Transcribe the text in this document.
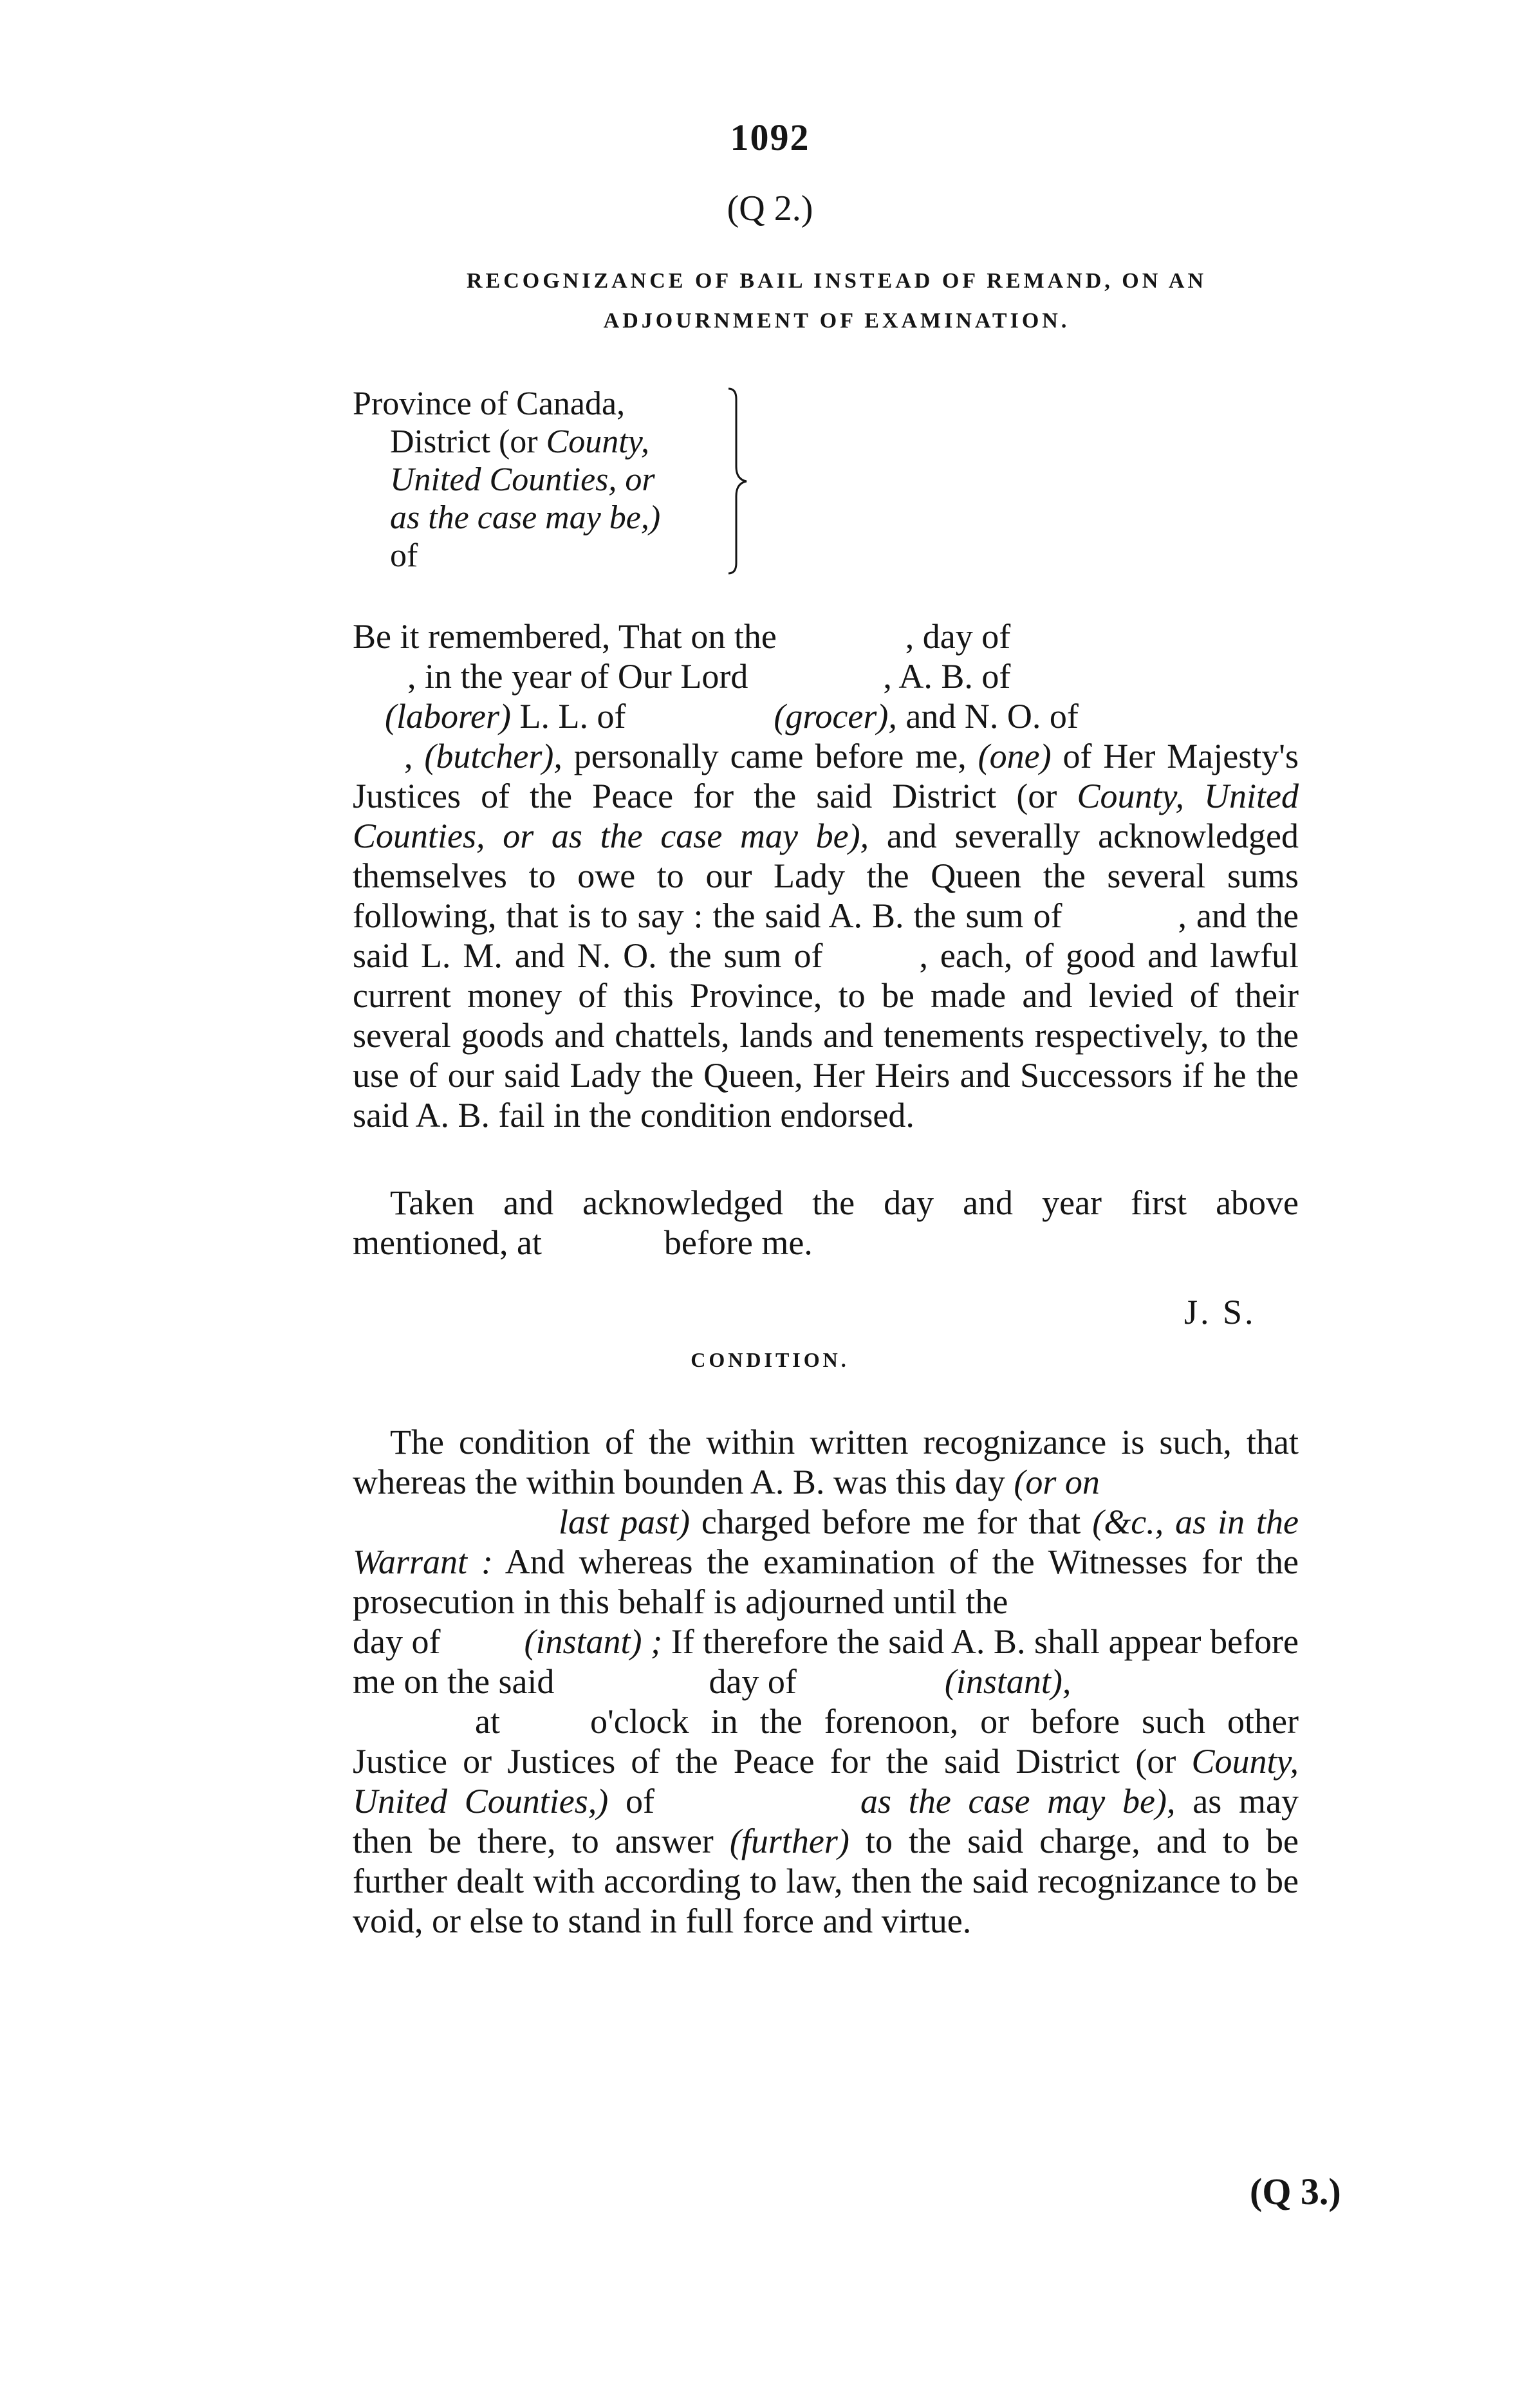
1092
(Q 2.)
RECOGNIZANCE OF BAIL INSTEAD OF REMAND, ON AN
ADJOURNMENT OF EXAMINATION.
Province of Canada,
District (or County,
United Counties, or
as the case may be,)
of

Be it remembered, That on the	, day of
, in the year of Our Lord	, A. B. of
(laborer) L. L. of	(grocer), and N. O. of
, (butcher), personally came before me, (one) of Her Majesty's Justices of the Peace for the said District (or County, United Counties, or as the case may be), and severally acknowledged themselves to owe to our Lady the Queen the several sums following, that is to say : the said A. B. the sum of	, and the said L. M. and N. O. the sum of	, each, of good and lawful current money of this Province, to be made and levied of their several goods and chattels, lands and tenements respectively, to the use of our said Lady the Queen, Her Heirs and Successors if he the said A. B. fail in the condition endorsed.

Taken and acknowledged the day and year first above mentioned, at	before me.
J. S.
CONDITION.
The condition of the within written recognizance is such, that whereas the within bounden A. B. was this day (or on
last past) charged before me for that (&c., as in the Warrant : And whereas the examination of the Witnesses for the prosecution in this behalf is adjourned until the
day of (instant) ; If therefore the said A. B. shall appear before me on the said	day of	(instant),
at	o'clock in the forenoon, or before such other Justice or Justices of the Peace for the said District (or County, United Counties,) of	as the case may be), as may then be there, to answer (further) to the said charge, and to be further dealt with according to law, then the said recognizance to be void, or else to stand in full force and virtue.
(Q 3.)
